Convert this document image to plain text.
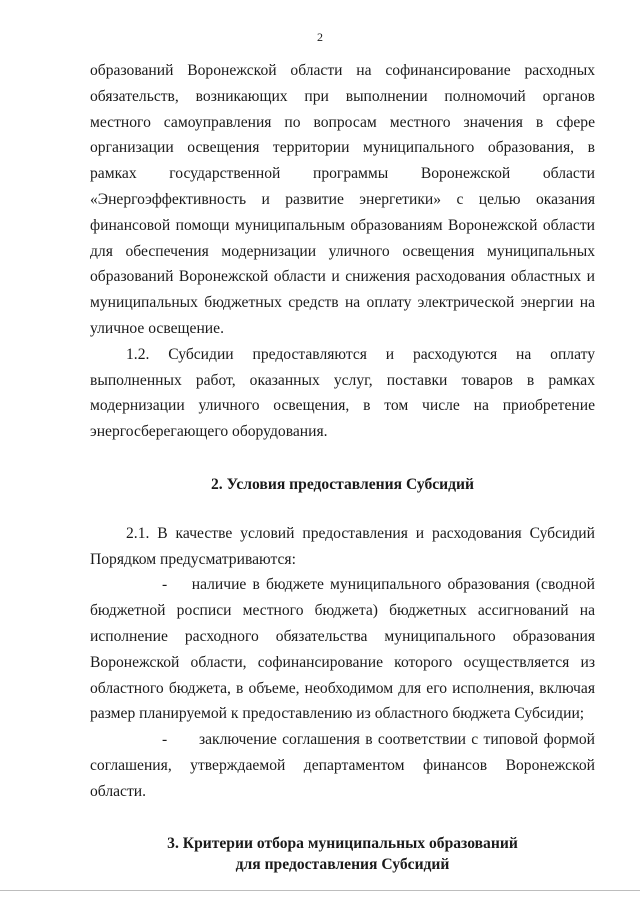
2

образований Воронежской области на софинансирование расходных обязательств, возникающих при выполнении полномочий органов местного самоуправления по вопросам местного значения в сфере организации освещения территории муниципального образования, в рамках государственной программы Воронежской области «Энергоэффективность и развитие энергетики» с целью оказания финансовой помощи муниципальным образованиям Воронежской области для обеспечения модернизации уличного освещения муниципальных образований Воронежской области и снижения расходования областных и муниципальных бюджетных средств на оплату электрической энергии на уличное освещение.

1.2. Субсидии предоставляются и расходуются на оплату выполненных работ, оказанных услуг, поставки товаров в рамках модернизации уличного освещения, в том числе на приобретение энергосберегающего оборудования.

2. Условия предоставления Субсидий

2.1. В качестве условий предоставления и расходования Субсидий Порядком предусматриваются:

- наличие в бюджете муниципального образования (сводной бюджетной росписи местного бюджета) бюджетных ассигнований на исполнение расходного обязательства муниципального образования Воронежской области, софинансирование которого осуществляется из областного бюджета, в объеме, необходимом для его исполнения, включая размер планируемой к предоставлению из областного бюджета Субсидии;

- заключение соглашения в соответствии с типовой формой соглашения, утверждаемой департаментом финансов Воронежской области.

3. Критерии отбора муниципальных образований
для предоставления Субсидий
